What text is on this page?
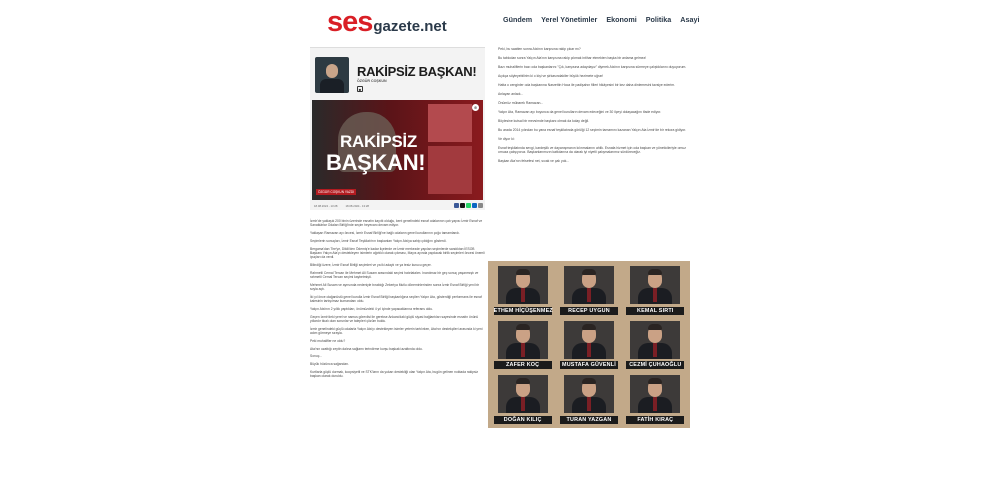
ses gazete.net	Gündem Yerel Yönetimler Ekonomi Politika Asayi
RAKİPSİZ BAŞKAN!
ÖZGÜR COŞKUN
■
RAKİPSİZ
BAŞKAN!
ÖZGÜR COŞKUN YAZDI
⊕
18.08.2024 - 13:28	18.08.2024 - 13:28

İzmir'de yaklaşık 200 binin üzerinde esnafın kayıtlı olduğu, kent genelindeki esnaf odalarının çatı yapısı İzmir Esnaf ve Sanatkârlar Odaları Birliği'nde seçim heyecanı devam ediyor.

Yaklaşan Ramazan ayı öncesi, İzmir Esnaf Birliği'ne bağlı odaların genel kurullarının çoğu tamamlandı.

Seçimlerin sonuçları, İzmir Esnaf Teşkilatı'nın başkanları Yalçın Ata'ya sahip çıktığını gösterdi.

Bergama'dan Tire'ye, Dikili'den Ödemiş'e kadar ilçelerde ve İzmir merkezde yapılan seçimlerde sandıktan İESOB Başkanı Yalçın Ata'yı destekleyen isimlerin ağırlıklı olarak çıkması, Mayıs ayında yapılacak birlik seçimleri öncesi önemli ipuçları da verdi.

Bilindiği üzere, İzmir Esnaf Birliği seçimleri ve ya iki adaylı ve ya tesiz kurucu geçer.

Rahmetli Cemal Tercan ile Mehmet Ali Susam arasındaki seçimi hatırlatalım. Inanılmaz bir geç sonuç yaşanmıştı ve rahmetli Cemal Tercan seçimi kaybetmişti.

Mehmet Ali Susam ve ayrısında nedeniyle bıraktığı Zekeriya Mutlu döneminlerinden sonra İzmir Esnaf Birliği yeni bir soyla açtı.

İki yıl önce olağanüstü genel kurulla İzmir Esnaf Birliği başkanlığına seçilen Yalçın Ata, gösterdiği performans ile esnaf kalesinin tartışılmaz kumandanı oldu.

Yalçın Ata'nın 2 yıllık yaptıkları, önümüzdeki 4 yıl içinde yapacaklarına referans oldu.

Geçen İzmir'deki yerel ve namus görevlisi ile gerekse Ankara'daki güçlü siyasi bağlantıları sayesinde esnafın önünü yıllardır tıkalı olan sorunlar ve talepleri çözüm buldu.

İzmir genelindeki güçlü odalarla Yalçın Ata'yı destekleyen isimler yeterin tartılırken, Ata'nın destekçileri arasında ki yeni adım görmeye sırayla.

Peki muhalifler ne oldu?

Ata'nın uzattığı zeytin dalına sağlamı terindirme kurşu başkaki azaltında oldu.

Sonuç...

Büyük hüzünca sağandan.

Kurtlarla güçlü durmak, koopsiyetli ve STK'ların da yukarı destekliği olan Yalçın Ata, bugün gelinen noktada rakipsiz başkan olarak duruldu.

Peki, bu saatten sonra Ata'nın karşısına rakip çıkar mı?

Bu tablodan sonra Yalçın Ata'nın karşısına rakip çıkmak intihar etmekten başka bir anlama gelmez!

Bazı muhaliflerin bazı oda başkanlarını "Çık, karşısına adaydayız" diyerek Ata'nın karşısına sürmeye çalıştıklarını duyuyorum.

Açıkça söyleyebilirim ki o kişi ve şirkasındakiler büyük hezimete uğrar!

Hatta o cenginler oda başkanına Nasrettin Hoca ile padişahın filleri hikâyesini bir kez daha dinlemesini tavsiye ederim.

Anlayan anladı...

Önümüz mübarek Ramazan...

Yalçın Ata, Ramazan ayı boyunca da genel kurulların devam edeceğini ve 30 ilçeyi dolaşacağını ifade ediyor.

Böylesine kutsal bir mevsimde başkanı olmak da kolay değil.

Bu arada 2014 yılından bu yana esnaf teşkilatında görülği 12 seçimin tamamını kazanan Yalçın Ata İzmir'de bir rekora gidiyor.

Ve diyor ki:

Esnaf teşkilatında sevgi, kardeşlik ve dayanışmanın kılınmalarını ahlik. Esnafa hizmet için oda başkan ve yöneticileriyle omuz omuza çalışıyoruz. Başkanlarımızın katkılarına da olarak iyi niyetli çalışmalarımız sürdüreceğiz.

Başkan Ata'nın felsefesi net, sıcak ve çalı yok...

ETHEM HİÇÜŞENMEZ	RECEP UYGUN	KEMAL SIRTI
ZAFER KOÇ	MUSTAFA GÜVENLİ	CEZMİ ÇUHAOĞLU
DOĞAN KILIÇ	TURAN YAZGAN	FATİH KIRAÇ
